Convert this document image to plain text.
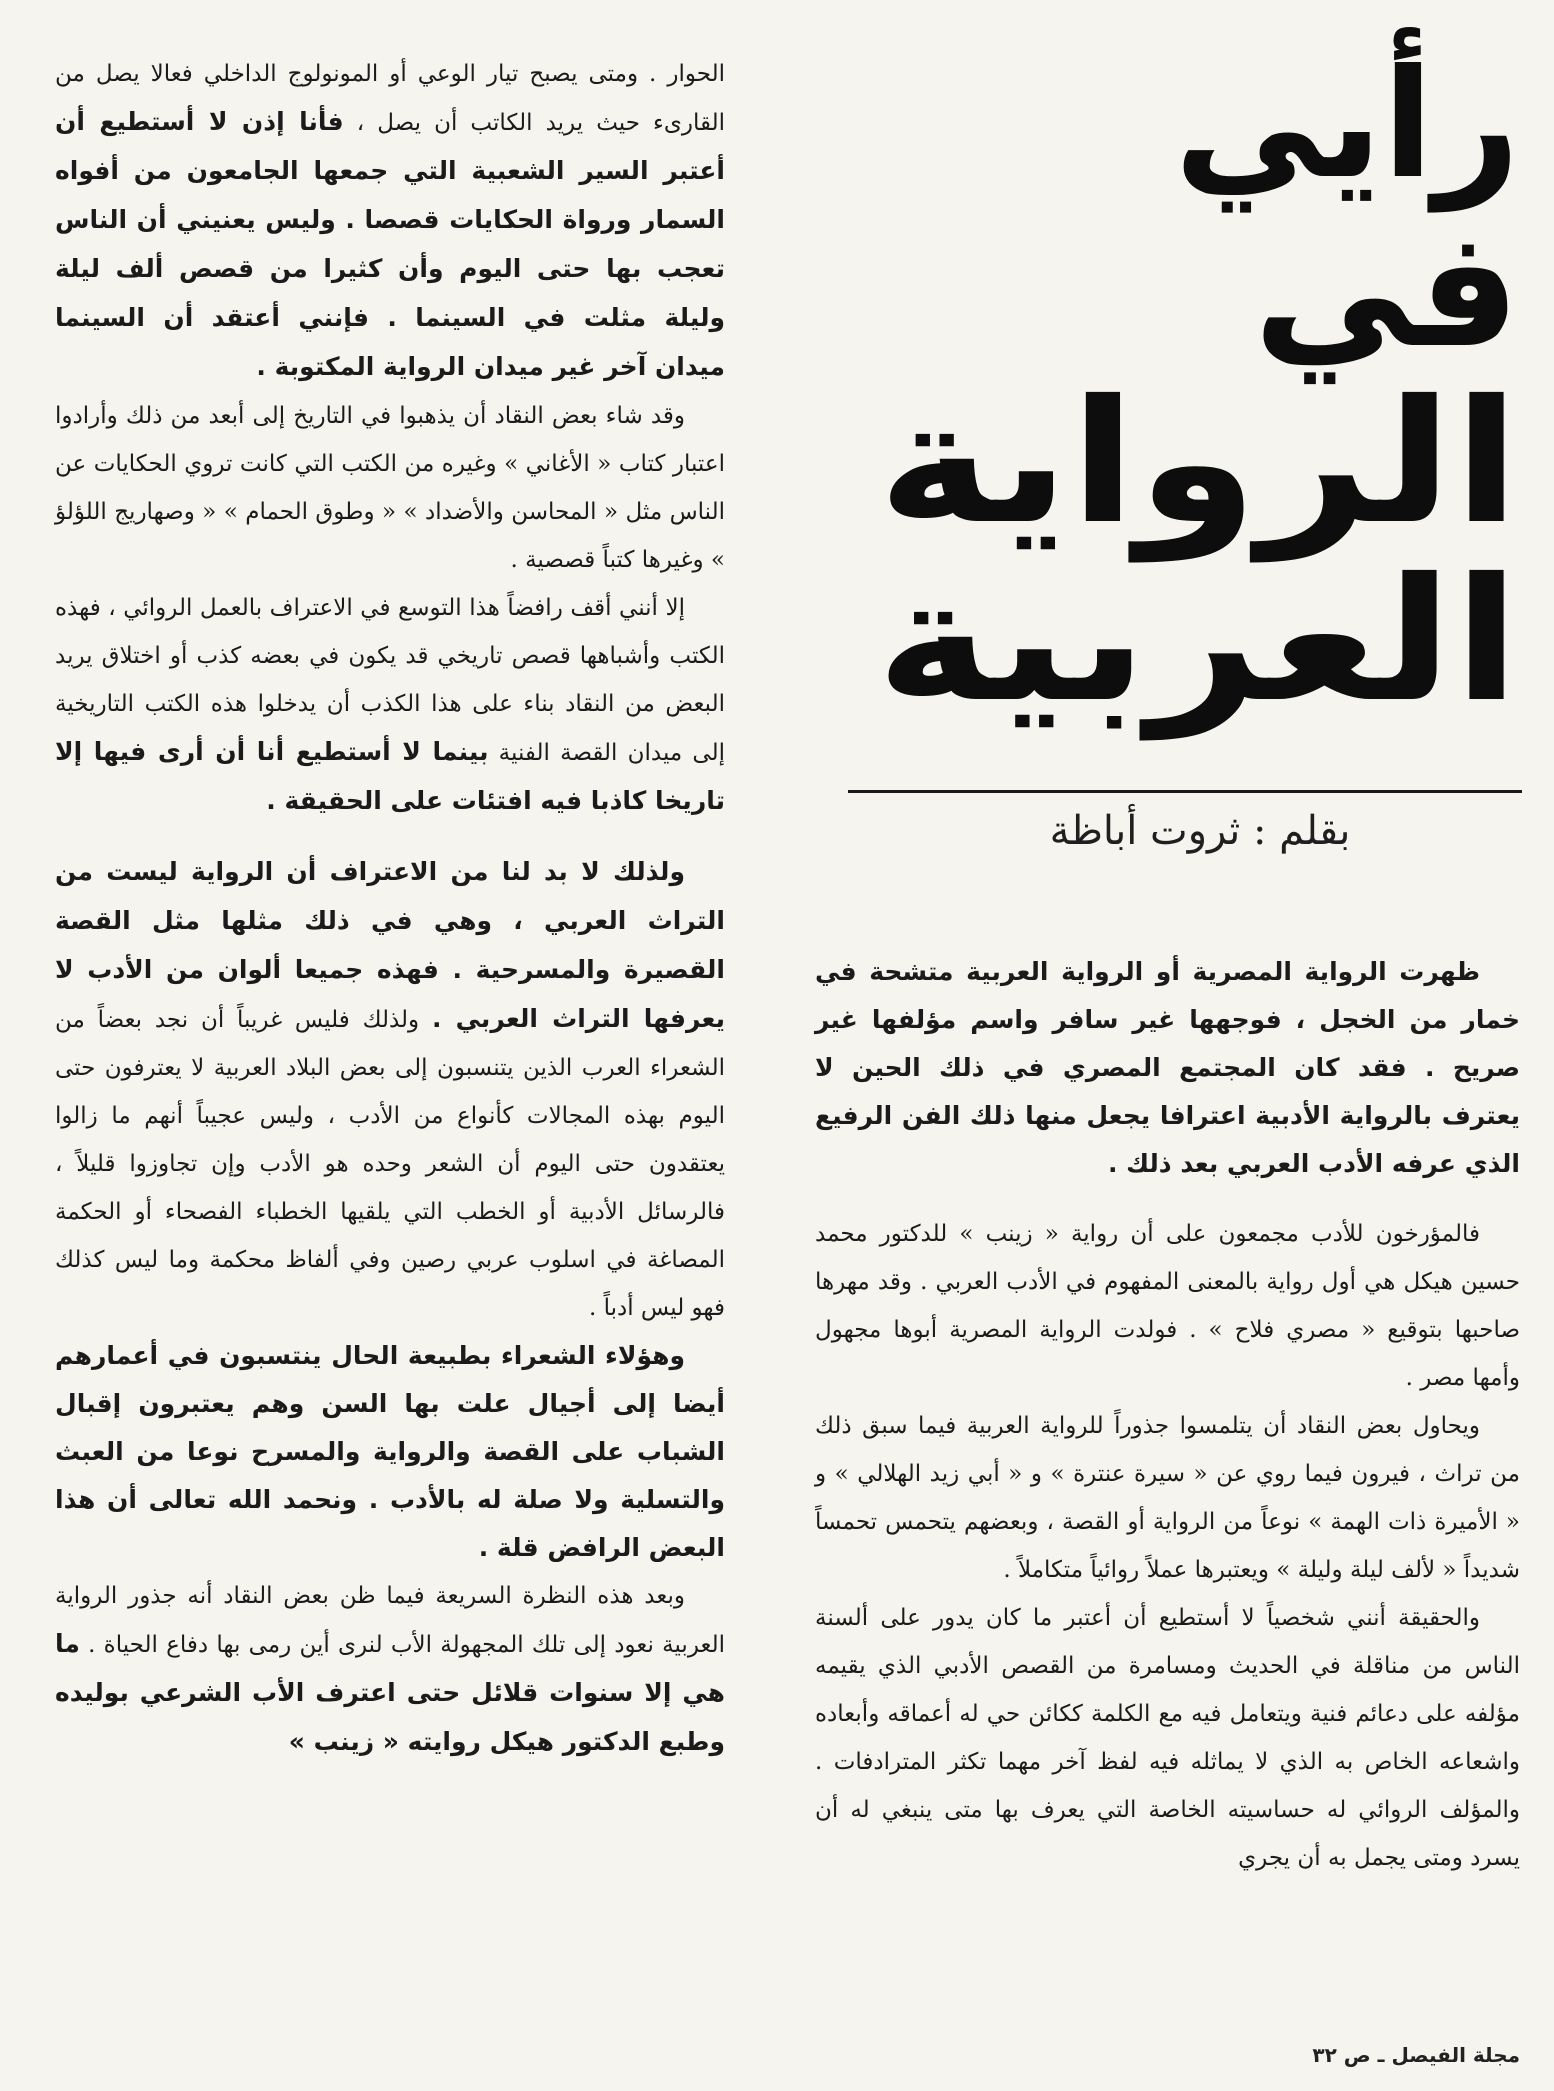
رأيي
في
الرواية
العربية
بقلم : ثروت أباظة

ظهرت الرواية المصرية أو الرواية العربية متشحة في خمار من الخجل ، فوجهها غير سافر واسم مؤلفها غير صريح . فقد كان المجتمع المصري في ذلك الحين لا يعترف بالرواية الأدبية اعترافا يجعل منها ذلك الفن الرفيع الذي عرفه الأدب العربي بعد ذلك .

فالمؤرخون للأدب مجمعون على أن رواية « زينب » للدكتور محمد حسين هيكل هي أول رواية بالمعنى المفهوم في الأدب العربي . وقد مهرها صاحبها بتوقيع « مصري فلاح » . فولدت الرواية المصرية أبوها مجهول وأمها مصر .

ويحاول بعض النقاد أن يتلمسوا جذوراً للرواية العربية فيما سبق ذلك من تراث ، فيرون فيما روي عن « سيرة عنترة » و « أبي زيد الهلالي » و « الأميرة ذات الهمة » نوعاً من الرواية أو القصة ، وبعضهم يتحمس تحمساً شديداً « لألف ليلة وليلة » ويعتبرها عملاً روائياً متكاملاً .

والحقيقة أنني شخصياً لا أستطيع أن أعتبر ما كان يدور على ألسنة الناس من مناقلة في الحديث ومسامرة من القصص الأدبي الذي يقيمه مؤلفه على دعائم فنية ويتعامل فيه مع الكلمة ككائن حي له أعماقه وأبعاده واشعاعه الخاص به الذي لا يماثله فيه لفظ آخر مهما تكثر المترادفات . والمؤلف الروائي له حساسيته الخاصة التي يعرف بها متى ينبغي له أن يسرد ومتى يجمل به أن يجري

الحوار . ومتى يصبح تيار الوعي أو المونولوج الداخلي فعالا يصل من القارىء حيث يريد الكاتب أن يصل ، فأنا إذن لا أستطيع أن أعتبر السير الشعبية التي جمعها الجامعون من أفواه السمار ورواة الحكايات قصصا . وليس يعنيني أن الناس تعجب بها حتى اليوم وأن كثيرا من قصص ألف ليلة وليلة مثلت في السينما . فإنني أعتقد أن السينما ميدان آخر غير ميدان الرواية المكتوبة .

وقد شاء بعض النقاد أن يذهبوا في التاريخ إلى أبعد من ذلك وأرادوا اعتبار كتاب « الأغاني » وغيره من الكتب التي كانت تروي الحكايات عن الناس مثل « المحاسن والأضداد » « وطوق الحمام » « وصهاريج اللؤلؤ » وغيرها كتباً قصصية .

إلا أنني أقف رافضاً هذا التوسع في الاعتراف بالعمل الروائي ، فهذه الكتب وأشباهها قصص تاريخي قد يكون في بعضه كذب أو اختلاق يريد البعض من النقاد بناء على هذا الكذب أن يدخلوا هذه الكتب التاريخية إلى ميدان القصة الفنية بينما لا أستطيع أنا أن أرى فيها إلا تاريخا كاذبا فيه افتئات على الحقيقة .

ولذلك لا بد لنا من الاعتراف أن الرواية ليست من التراث العربي ، وهي في ذلك مثلها مثل القصة القصيرة والمسرحية . فهذه جميعا ألوان من الأدب لا يعرفها التراث العربي . ولذلك فليس غريباً أن نجد بعضاً من الشعراء العرب الذين يتنسبون إلى بعض البلاد العربية لا يعترفون حتى اليوم بهذه المجالات كأنواع من الأدب ، وليس عجيباً أنهم ما زالوا يعتقدون حتى اليوم أن الشعر وحده هو الأدب وإن تجاوزوا قليلاً ، فالرسائل الأدبية أو الخطب التي يلقيها الخطباء الفصحاء أو الحكمة المصاغة في اسلوب عربي رصين وفي ألفاظ محكمة وما ليس كذلك فهو ليس أدباً .

وهؤلاء الشعراء بطبيعة الحال ينتسبون في أعمارهم أيضا إلى أجيال علت بها السن وهم يعتبرون إقبال الشباب على القصة والرواية والمسرح نوعا من العبث والتسلية ولا صلة له بالأدب . ونحمد الله تعالى أن هذا البعض الرافض قلة .

وبعد هذه النظرة السريعة فيما ظن بعض النقاد أنه جذور الرواية العربية نعود إلى تلك المجهولة الأب لنرى أين رمى بها دفاع الحياة . ما هي إلا سنوات قلائل حتى اعترف الأب الشرعي بوليده وطبع الدكتور هيكل روايته « زينب »

مجلة الفيصل ـ ص ٣٢
